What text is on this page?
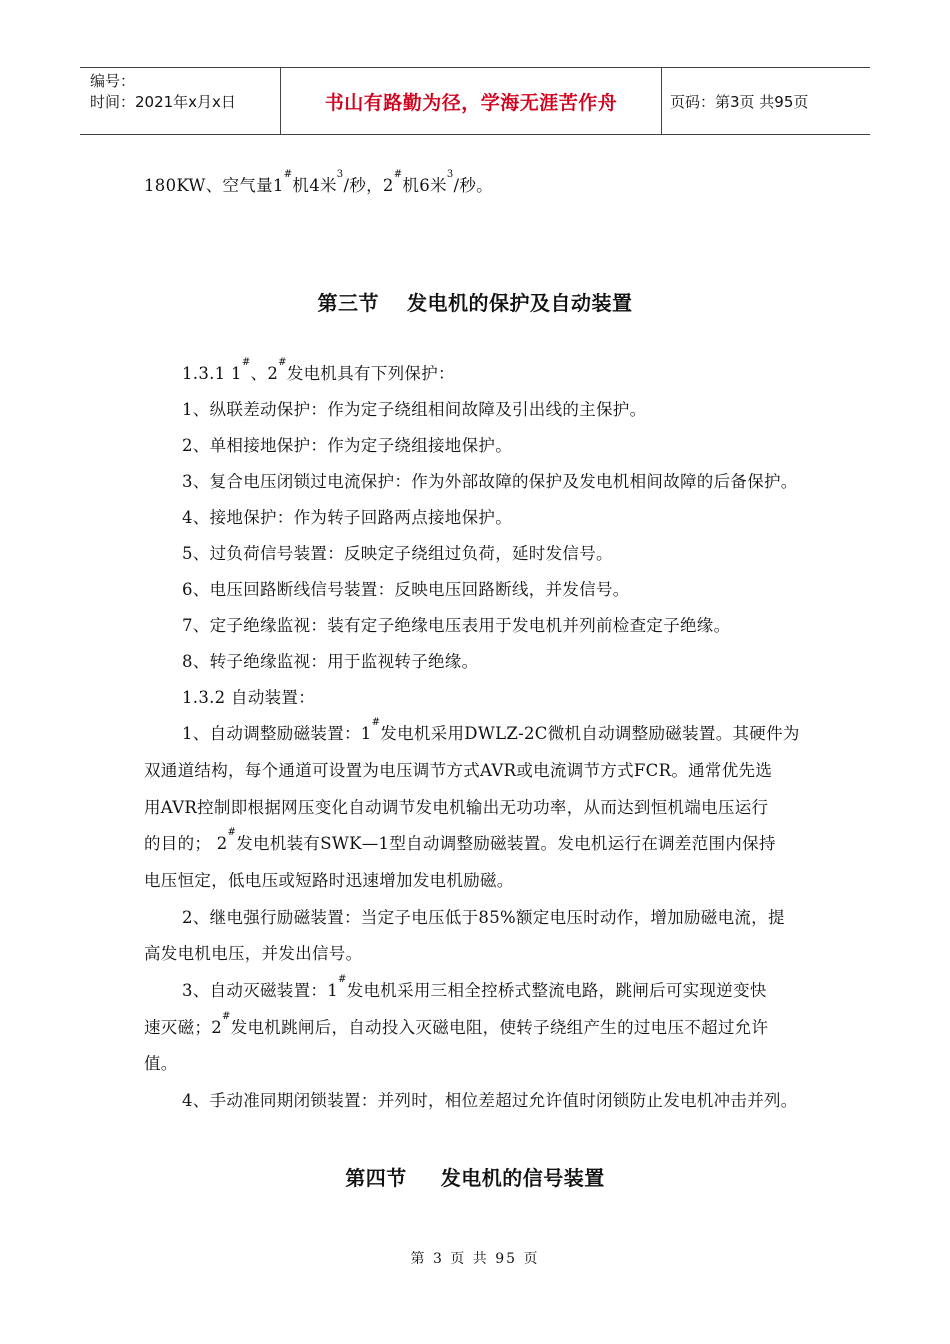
编号：
时间：2021年x月x日	书山有路勤为径，学海无涯苦作舟	页码：第3页 共95页
180KW、空气量1#机4米$^3$/秒，2#机6米$^3$/秒。
第三节 发电机的保护及自动装置
1.3.1 1#、2#发电机具有下列保护：
1、纵联差动保护：作为定子绕组相间故障及引出线的主保护。
2、单相接地保护：作为定子绕组接地保护。
3、复合电压闭锁过电流保护：作为外部故障的保护及发电机相间故障的后备保护。
4、接地保护：作为转子回路两点接地保护。
5、过负荷信号装置：反映定子绕组过负荷，延时发信号。
6、电压回路断线信号装置：反映电压回路断线，并发信号。
7、定子绝缘监视：装有定子绝缘电压表用于发电机并列前检查定子绝缘。
8、转子绝缘监视：用于监视转子绝缘。
1.3.2 自动装置：
1、自动调整励磁装置：1#发电机采用DWLZ-2C微机自动调整励磁装置。其硬件为
双通道结构，每个通道可设置为电压调节方式AVR或电流调节方式FCR。通常优先选
用AVR控制即根据网压变化自动调节发电机输出无功功率，从而达到恒机端电压运行
的目的； 2#发电机装有SWK—1型自动调整励磁装置。发电机运行在调差范围内保持
电压恒定，低电压或短路时迅速增加发电机励磁。
2、继电强行励磁装置：当定子电压低于85%额定电压时动作，增加励磁电流，提
高发电机电压，并发出信号。
3、自动灭磁装置：1#发电机采用三相全控桥式整流电路，跳闸后可实现逆变快
速灭磁；2#发电机跳闸后，自动投入灭磁电阻，使转子绕组产生的过电压不超过允许
值。
4、手动准同期闭锁装置：并列时，相位差超过允许值时闭锁防止发电机冲击并列。
第四节 发电机的信号装置
第 3 页 共 95 页
